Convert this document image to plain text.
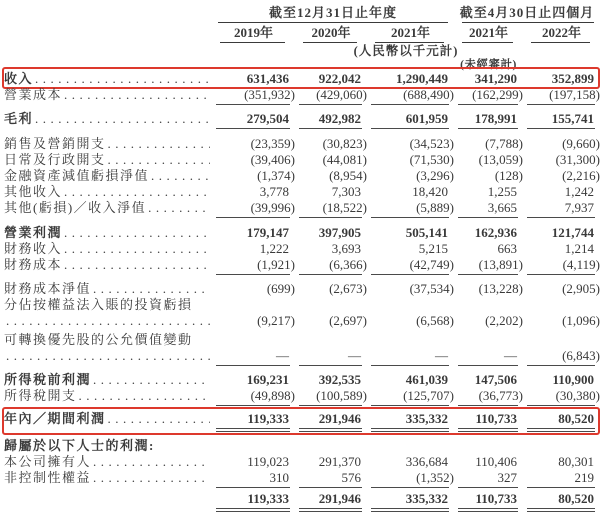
截至12月31日止年度	截至4月30日止四個月
2019年	2020年	2021年	2021年	2022年
(人民幣以千元計)
(未經審計)
收入 .....	631,436	922,042	1,290,449	341,290	352,899
營業成本 .....	(351,932)	(429,060)	(688,490)	(162,299)	(197,158)
毛利 .....	279,504	492,982	601,959	178,991	155,741
銷售及營銷開支 .....	(23,359)	(30,823)	(34,523)	(7,788)	(9,660)
日常及行政開支 .....	(39,406)	(44,081)	(71,530)	(13,059)	(31,300)
金融資產減值虧損淨值 .....	(1,374)	(8,954)	(3,296)	(128)	(2,216)
其他收入 .....	3,778	7,303	18,420	1,255	1,242
其他(虧損)／收入淨值 .....	(39,996)	(18,522)	(5,889)	3,665	7,937
營業利潤 .....	179,147	397,905	505,141	162,936	121,744
財務收入 .....	1,222	3,693	5,215	663	1,214
財務成本 .....	(1,921)	(6,366)	(42,749)	(13,891)	(4,119)
財務成本淨值 .....	(699)	(2,673)	(37,534)	(13,228)	(2,905)
分佔按權益法入賬的投資虧損
.....
(9,217)	(2,697)	(6,568)	(2,202)	(1,096)
可轉換優先股的公允價值變動
.....
—	—	—	—	(6,843)
所得稅前利潤 .....	169,231	392,535	461,039	147,506	110,900
所得稅開支 .....	(49,898)	(100,589)	(125,707)	(36,773)	(30,380)
年內／期間利潤 .....	119,333	291,946	335,332	110,733	80,520
歸屬於以下人士的利潤:
本公司擁有人 .....	119,023	291,370	336,684	110,406	80,301
非控制性權益 .....	310	576	(1,352)	327	219
119,333	291,946	335,332	110,733	80,520
